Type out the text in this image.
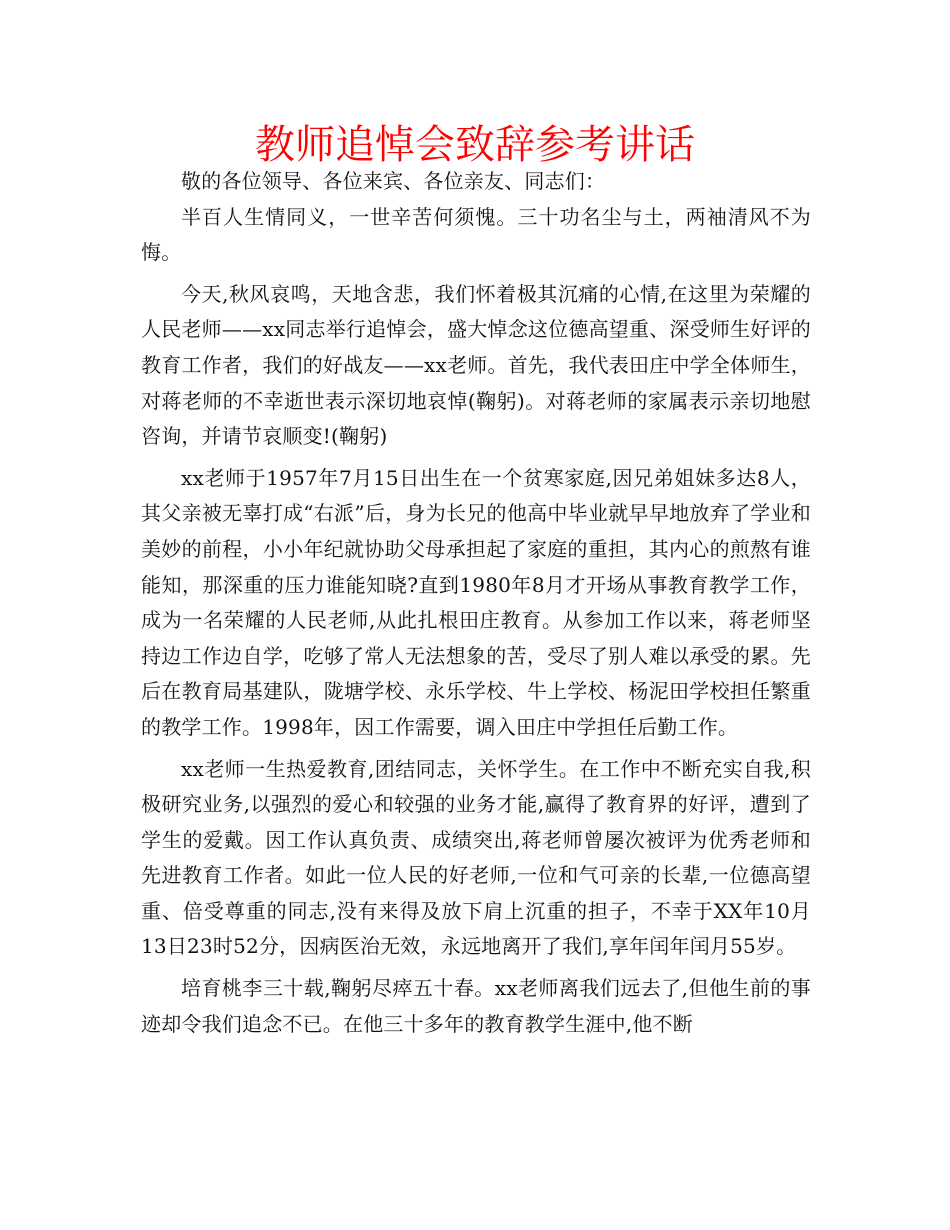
教师追悼会致辞参考讲话

敬的各位领导、各位来宾、各位亲友、同志们：

半百人生情同义，一世辛苦何须愧。三十功名尘与土，两袖清风不为悔。

今天,秋风哀鸣，天地含悲，我们怀着极其沉痛的心情,在这里为荣耀的人民老师——xx同志举行追悼会，盛大悼念这位德高望重、深受师生好评的教育工作者，我们的好战友——xx老师。首先，我代表田庄中学全体师生，对蒋老师的不幸逝世表示深切地哀悼(鞠躬)。对蒋老师的家属表示亲切地慰咨询，并请节哀顺变!(鞠躬)

xx老师于1957年7月15日出生在一个贫寒家庭,因兄弟姐妹多达8人，其父亲被无辜打成“右派”后，身为长兄的他高中毕业就早早地放弃了学业和美妙的前程，小小年纪就协助父母承担起了家庭的重担，其内心的煎熬有谁能知，那深重的压力谁能知晓?直到1980年8月才开场从事教育教学工作，成为一名荣耀的人民老师,从此扎根田庄教育。从参加工作以来，蒋老师坚持边工作边自学，吃够了常人无法想象的苦，受尽了别人难以承受的累。先后在教育局基建队，陇塘学校、永乐学校、牛上学校、杨泥田学校担任繁重的教学工作。1998年，因工作需要，调入田庄中学担任后勤工作。

xx老师一生热爱教育,团结同志，关怀学生。在工作中不断充实自我,积极研究业务,以强烈的爱心和较强的业务才能,赢得了教育界的好评，遭到了学生的爱戴。因工作认真负责、成绩突出,蒋老师曾屡次被评为优秀老师和先进教育工作者。如此一位人民的好老师,一位和气可亲的长辈,一位德高望重、倍受尊重的同志,没有来得及放下肩上沉重的担子，不幸于XX年10月13日23时52分，因病医治无效，永远地离开了我们,享年闰年闰月55岁。

培育桃李三十载,鞠躬尽瘁五十春。xx老师离我们远去了,但他生前的事迹却令我们追念不已。在他三十多年的教育教学生涯中,他不断
